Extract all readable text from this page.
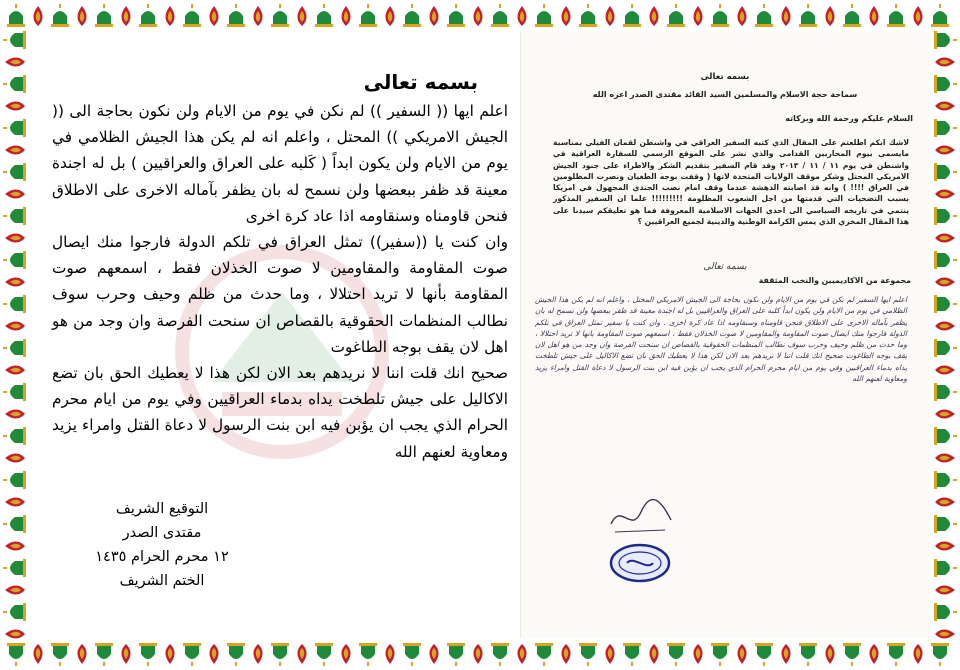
بسمه تعالى

اعلم ايها (( السفير )) لم نكن في يوم من الايام ولن نكون بحاجة الى (( الجيش الامريكي )) المحتل ، واعلم انه لم يكن هذا الجيش الظلامي في يوم من الايام ولن يكون ابداً ( كَلبه على العراق والعراقيين ) بل له اجندة معينة قد ظفر ببعضها ولن نسمح له بان يظفر بآماله الاخرى على الاطلاق فنحن قاومناه وسنقاومه اذا عاد كرة اخرى

وان كنت يا ((سفير)) تمثل العراق في تلكم الدولة فارجوا منك ايصال صوت المقاومة والمقاومين لا صوت الخذلان فقط ، اسمعهم صوت المقاومة بأنها لا تريد احتلالا ، وما حدث من ظلم وحيف وحرب سوف نطالب المنظمات الحقوقية بالقصاص ان سنحت الفرصة وان وجد من هو اهل لان يقف بوجه الطاغوت

صحيح انك قلت اننا لا نريدهم بعد الان لكن هذا لا يعطيك الحق بان تضع الاكاليل على جيش تلطخت يداه بدماء العراقيين وفي يوم من ايام محرم الحرام الذي يجب ان يؤبن فيه ابن بنت الرسول لا دعاة القتل وامراء يزيد ومعاوية لعنهم الله

التوقيع الشريف
مقتدى الصدر
١٢ محرم الحرام ١٤٣٥
الختم الشريف
بسمه تعالى
سماحة حجة الاسلام والمسلمين السيد القائد مقتدى الصدر اعزه الله
السلام عليكم ورحمة الله وبركاته
لاشك انكم اطلعتم على المقال الذي كتبه السفير العراقي في واشنطن لقمان الفيلي بمناسبة مايسمى بيوم المحاربين القدامى والذي نشر على الموقع الرسمي للسفارة العراقية في واشنطن في يوم ١١ / ١١ / ٢٠١٣ وقد قام السفير بتقديم الشكر والاطراء على جنود الجيش الامريكي المحتل وشكر موقف الولايات المتحدة لانها ( وقفت بوجه الطغيان ونصرت المظلومين في العراق !!!! ) وانه قد اصابته الدهشة عندما وقف امام نصب الجندي المجهول في امريكا بسبب التضحيات التي قدمتها من اجل الشعوب المظلومة !!!!!!!!! علما ان السفير المذكور ينتمي في تاريخه السياسي الى احدى الجهات الاسلامية المعروفة فما هو تعليقكم سيدنا على هذا المقال المخزي الذي يمس الكرامة الوطنية والدينية لجميع العراقيين ؟
بسمه تعالى
مجموعة من الاكاديميين والنخب المثقفة
اعلم ايها السفير لم نكن في يوم من الايام ولن نكون بحاجة الى الجيش الامريكي المحتل ، واعلم انه لم يكن هذا الجيش الظلامي في يوم من الايام ولن يكون ابداً كلبه على العراق والعراقيين بل له اجندة معينة قد ظفر ببعضها ولن نسمح له بان يظفر بآماله الاخرى على الاطلاق فنحن قاومناه وسنقاومه اذا عاد كرة اخرى . وان كنت يا سفير تمثل العراق في تلكم الدولة فارجوا منك ايصال صوت المقاومة والمقاومين لا صوت الخذلان فقط ، اسمعهم صوت المقاومة بانها لا تريد احتلالا ، وما حدث من ظلم وحيف وحرب سوف نطالب المنظمات الحقوقية بالقصاص ان سنحت الفرصة وان وجد من هو اهل لان يقف بوجه الطاغوت صحيح انك قلت اننا لا نريدهم بعد الان لكن هذا لا يعطيك الحق بان تضع الاكاليل على جيش تلطخت يداه بدماء العراقيين وفي يوم من ايام محرم الحرام الذي يجب ان يؤبن فيه ابن بنت الرسول لا دعاة القتل وامراء يزيد ومعاوية لعنهم الله
